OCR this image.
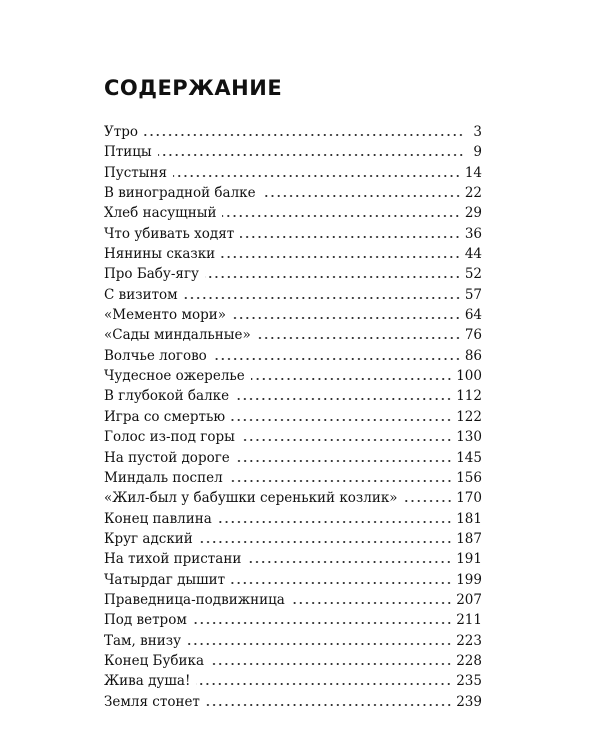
СОДЕРЖАНИЕ
Утро	3
Птицы	9
Пустыня	14
В виноградной балке	22
Хлеб насущный	29
Что убивать ходят	36
Нянины сказки	44
Про Бабу-ягу	52
С визитом	57
«Мементо мори»	64
«Сады миндальные»	76
Волчье логово	86
Чудесное ожерелье	100
В глубокой балке	112
Игра со смертью	122
Голос из-под горы	130
На пустой дороге	145
Миндаль поспел	156
«Жил-был у бабушки серенький козлик»	170
Конец павлина	181
Круг адский	187
На тихой пристани	191
Чатырдаг дышит	199
Праведница-подвижница	207
Под ветром	211
Там, внизу	223
Конец Бубика	228
Жива душа!	235
Земля стонет	239
